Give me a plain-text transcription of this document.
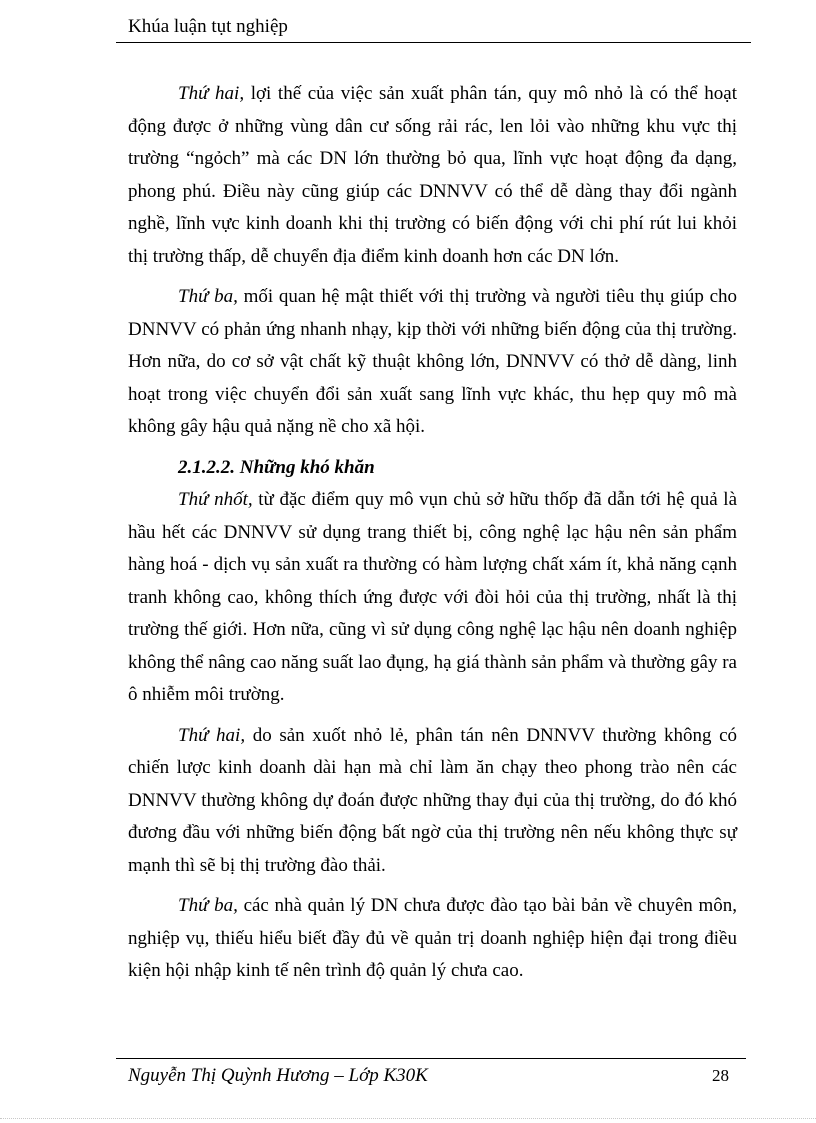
Khúa luận tụt nghiệp

Thứ hai, lợi thế của việc sản xuất phân tán, quy mô nhỏ là có thể hoạt động được ở những vùng dân cư sống rải rác, len lỏi vào những khu vực thị trường “ngỏch” mà các DN lớn thường bỏ qua, lĩnh vực hoạt động đa dạng, phong phú. Điều này cũng giúp các DNNVV có thể dễ dàng thay đổi ngành nghề, lĩnh vực kinh doanh khi thị trường có biến động với chi phí rút lui khỏi thị trường thấp, dễ chuyển địa điểm kinh doanh hơn các DN lớn.

Thứ ba, mối quan hệ mật thiết với thị trường và người tiêu thụ giúp cho DNNVV có phản ứng nhanh nhạy, kịp thời với những biến động của thị trường. Hơn nữa, do cơ sở vật chất kỹ thuật không lớn, DNNVV có thở dễ dàng, linh hoạt trong việc chuyển đổi sản xuất sang lĩnh vực khác, thu hẹp quy mô mà không gây hậu quả nặng nề cho xã hội.

2.1.2.2. Những khó khăn

Thứ nhốt, từ đặc điểm quy mô vụn chủ sở hữu thốp đã dẫn tới hệ quả là hầu hết các DNNVV sử dụng trang thiết bị, công nghệ lạc hậu nên sản phẩm hàng hoá - dịch vụ sản xuất ra thường có hàm lượng chất xám ít, khả năng cạnh tranh không cao, không thích ứng được với đòi hỏi của thị trường, nhất là thị trường thế giới. Hơn nữa, cũng vì sử dụng công nghệ lạc hậu nên doanh nghiệp không thể nâng cao năng suất lao đụng, hạ giá thành sản phẩm và thường gây ra ô nhiễm môi trường.

Thứ hai, do sản xuốt nhỏ lẻ, phân tán nên DNNVV thường không có chiến lược kinh doanh dài hạn mà chỉ làm ăn chạy theo phong trào nên các DNNVV thường không dự đoán được những thay đụi của thị trường, do đó khó đương đầu với những biến động bất ngờ của thị trường nên nếu không thực sự mạnh thì sẽ bị thị trường đào thải.

Thứ ba, các nhà quản lý DN chưa được đào tạo bài bản về chuyên môn, nghiệp vụ, thiếu hiểu biết đầy đủ về quản trị doanh nghiệp hiện đại trong điều kiện hội nhập kinh tế nên trình độ quản lý chưa cao.

Nguyễn Thị Quỳnh Hương – Lớp K30K	28
